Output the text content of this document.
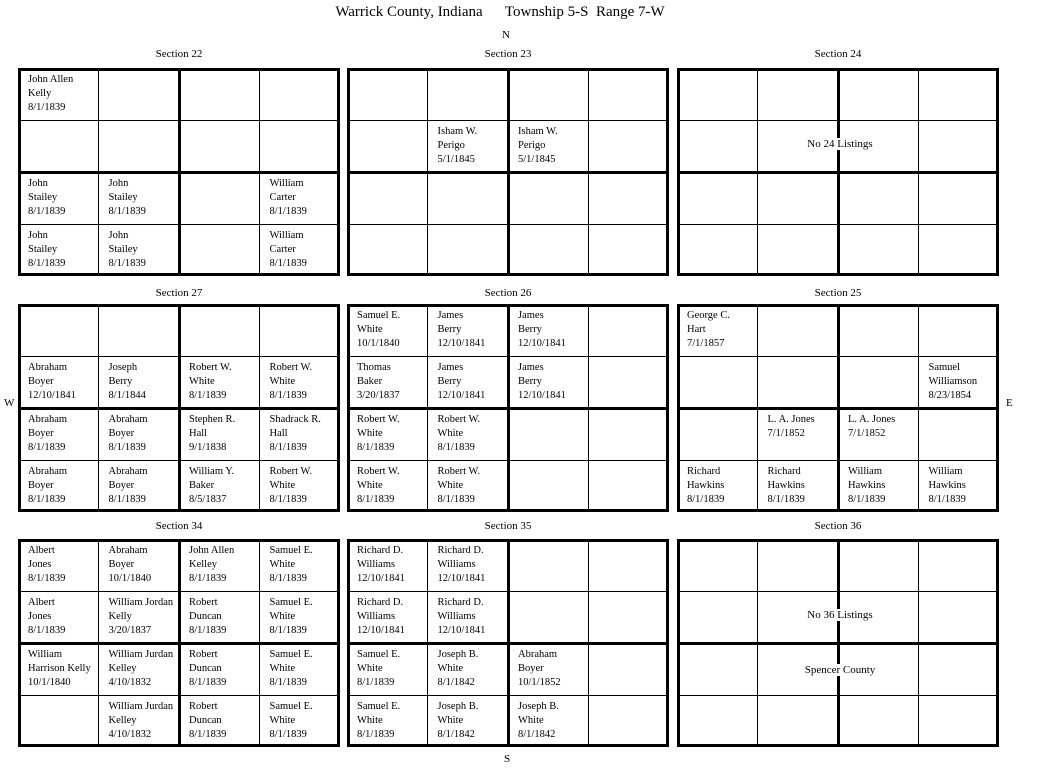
Warrick County, Indiana      Township 5-S  Range 7-W
N
S
W	E
Section 22
John Allen
Kelly
8/1/1839
John
Stailey
8/1/1839
John
Stailey
8/1/1839
William
Carter
8/1/1839
John
Stailey
8/1/1839
John
Stailey
8/1/1839
William
Carter
8/1/1839
Section 23
Isham W.
Perigo
5/1/1845
Isham W.
Perigo
5/1/1845
Section 24
No 24 Listings
Section 27
Abraham
Boyer
12/10/1841
Joseph
Berry
8/1/1844
Robert W.
White
8/1/1839
Robert W.
White
8/1/1839
Abraham
Boyer
8/1/1839
Abraham
Boyer
8/1/1839
Stephen R.
Hall
9/1/1838
Shadrack R.
Hall
8/1/1839
Abraham
Boyer
8/1/1839
Abraham
Boyer
8/1/1839
William Y.
Baker
8/5/1837
Robert W.
White
8/1/1839
Section 26
Samuel E.
White
10/1/1840
James
Berry
12/10/1841
James
Berry
12/10/1841
Thomas
Baker
3/20/1837
James
Berry
12/10/1841
James
Berry
12/10/1841
Robert W.
White
8/1/1839
Robert W.
White
8/1/1839
Robert W.
White
8/1/1839
Robert W.
White
8/1/1839
Section 25
George C.
Hart
7/1/1857
Samuel
Williamson
8/23/1854
L. A. Jones
7/1/1852
L. A. Jones
7/1/1852
Richard
Hawkins
8/1/1839
Richard
Hawkins
8/1/1839
William
Hawkins
8/1/1839
William
Hawkins
8/1/1839
Section 34
Albert
Jones
8/1/1839
Abraham
Boyer
10/1/1840
John Allen
Kelley
8/1/1839
Samuel E.
White
8/1/1839
Albert
Jones
8/1/1839
William Jordan
Kelly
3/20/1837
Robert
Duncan
8/1/1839
Samuel E.
White
8/1/1839
William
Harrison Kelly
10/1/1840
William Jurdan
Kelley
4/10/1832
Robert
Duncan
8/1/1839
Samuel E.
White
8/1/1839
William Jurdan
Kelley
4/10/1832
Robert
Duncan
8/1/1839
Samuel E.
White
8/1/1839
Section 35
Richard D.
Williams
12/10/1841
Richard D.
Williams
12/10/1841
Richard D.
Williams
12/10/1841
Richard D.
Williams
12/10/1841
Samuel E.
White
8/1/1839
Joseph B.
White
8/1/1842
Abraham
Boyer
10/1/1852
Samuel E.
White
8/1/1839
Joseph B.
White
8/1/1842
Joseph B.
White
8/1/1842
Section 36
No 36 Listings
Spencer County
